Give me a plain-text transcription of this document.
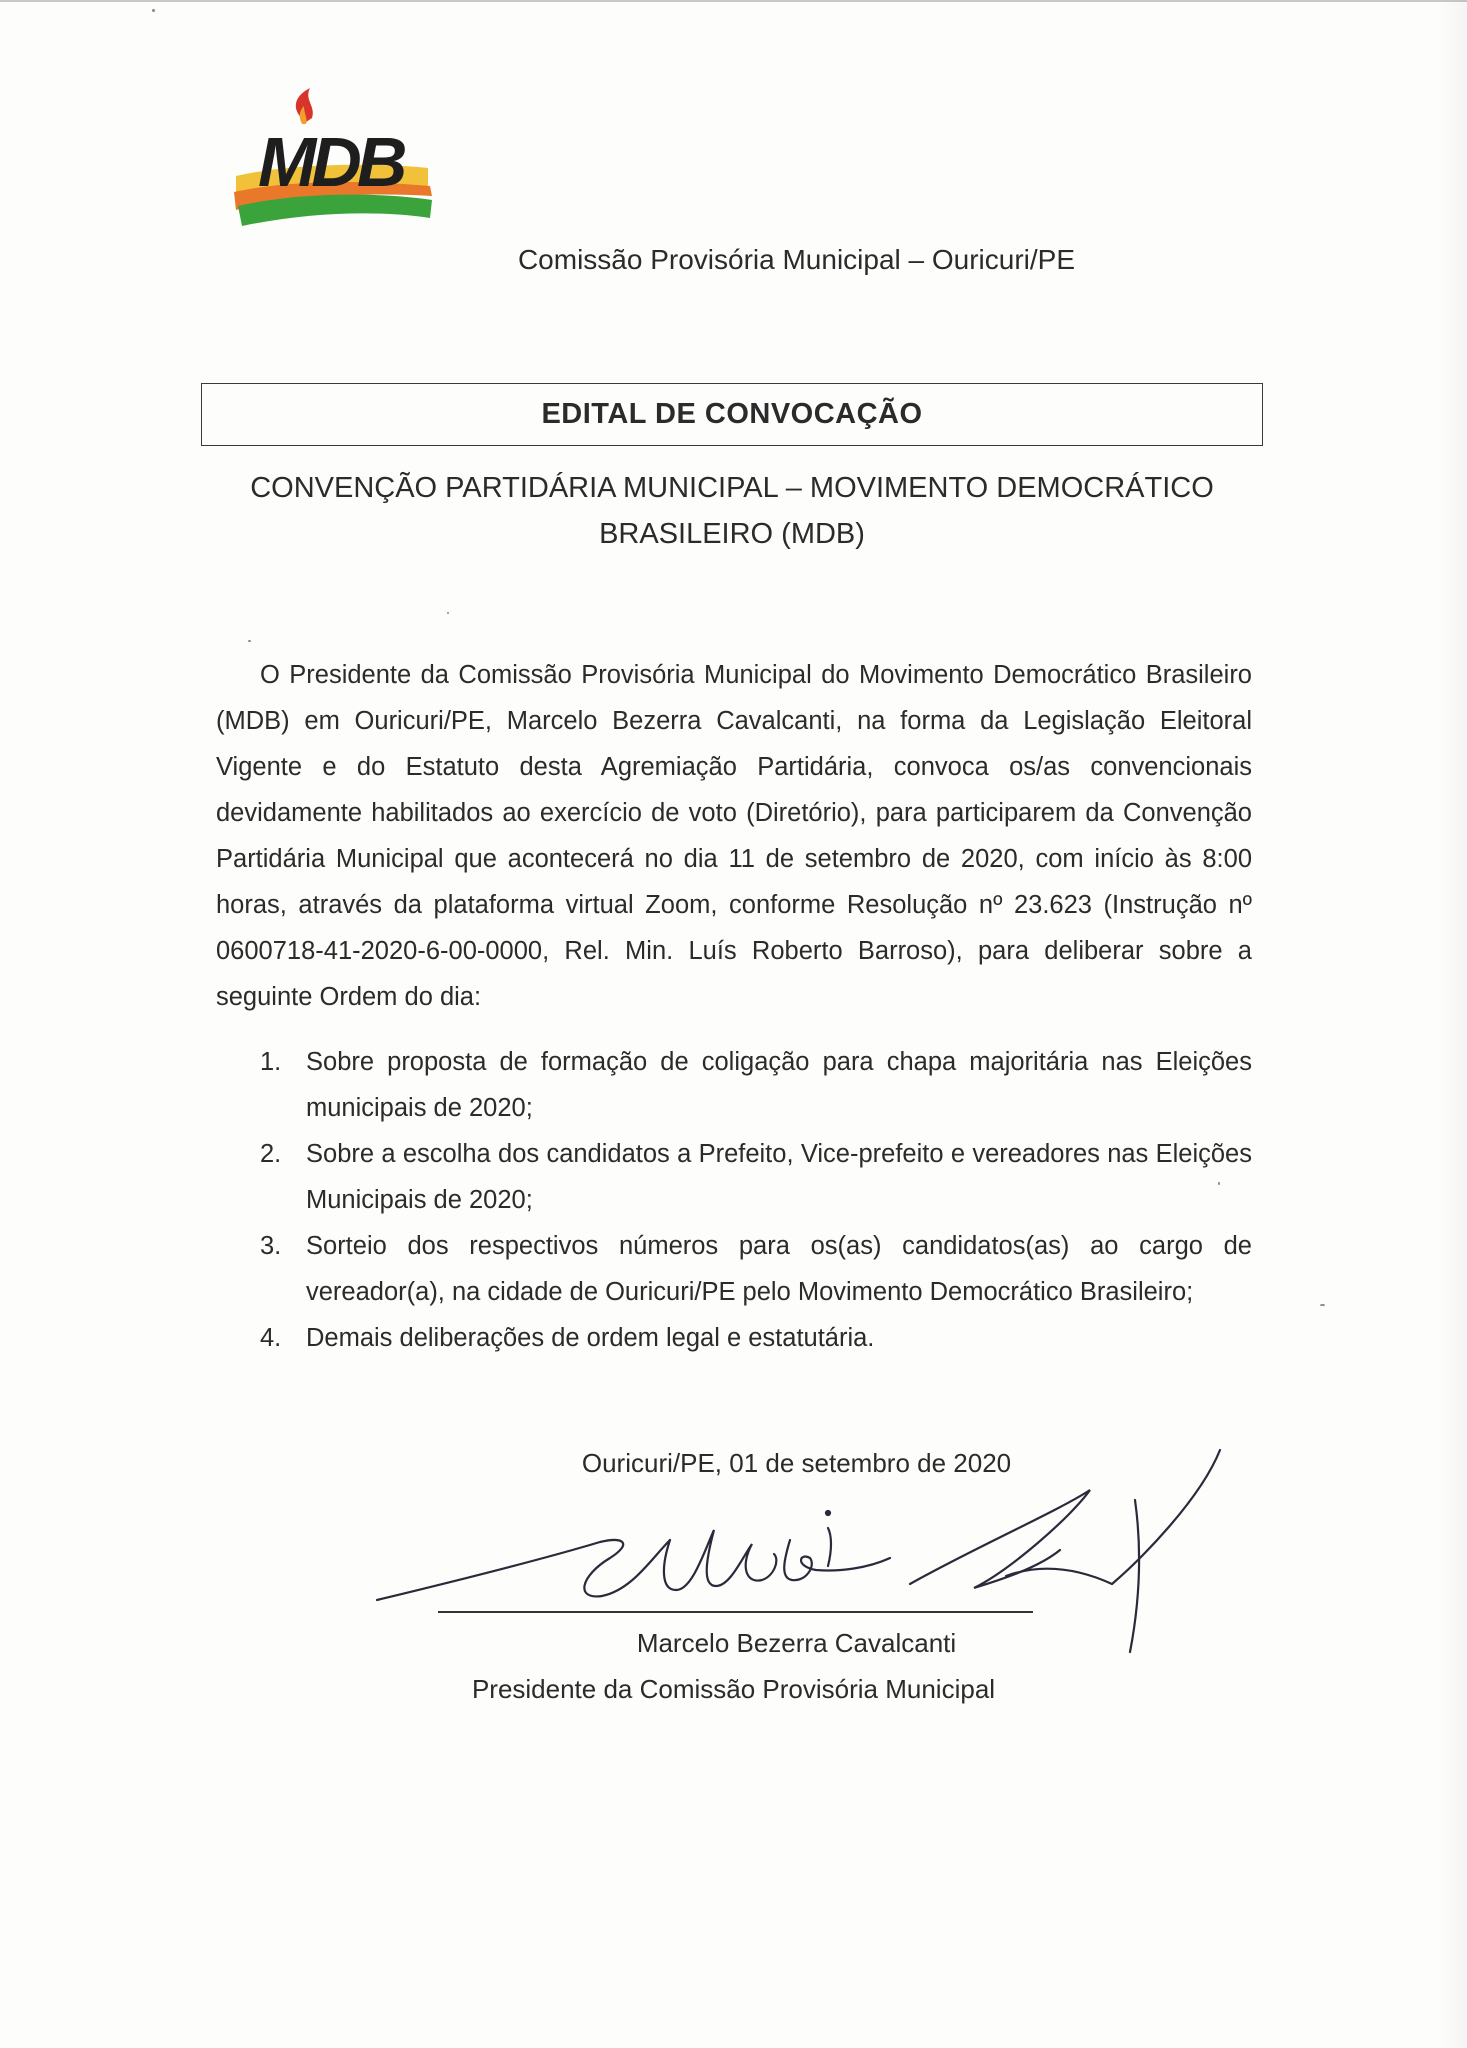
MDB
Comissão Provisória Municipal – Ouricuri/PE
EDITAL DE CONVOCAÇÃO
CONVENÇÃO PARTIDÁRIA MUNICIPAL – MOVIMENTO DEMOCRÁTICO
BRASILEIRO (MDB)

O Presidente da Comissão Provisória Municipal do Movimento Democrático Brasileiro (MDB) em Ouricuri/PE, Marcelo Bezerra Cavalcanti, na forma da Legislação Eleitoral Vigente e do Estatuto desta Agremiação Partidária, convoca os/as convencionais devidamente habilitados ao exercício de voto (Diretório), para participarem da Convenção Partidária Municipal que acontecerá no dia 11 de setembro de 2020, com início às 8:00 horas, através da plataforma virtual Zoom, conforme Resolução nº 23.623 (Instrução nº 0600718-41-2020-6-00-0000, Rel. Min. Luís Roberto Barroso), para deliberar sobre a seguinte Ordem do dia:

1. Sobre proposta de formação de coligação para chapa majoritária nas Eleições municipais de 2020;
2. Sobre a escolha dos candidatos a Prefeito, Vice-prefeito e vereadores nas Eleições Municipais de 2020;
3. Sorteio dos respectivos números para os(as) candidatos(as) ao cargo de vereador(a), na cidade de Ouricuri/PE pelo Movimento Democrático Brasileiro;
4. Demais deliberações de ordem legal e estatutária.
Ouricuri/PE, 01 de setembro de 2020
Marcelo Bezerra Cavalcanti
Presidente da Comissão Provisória Municipal
